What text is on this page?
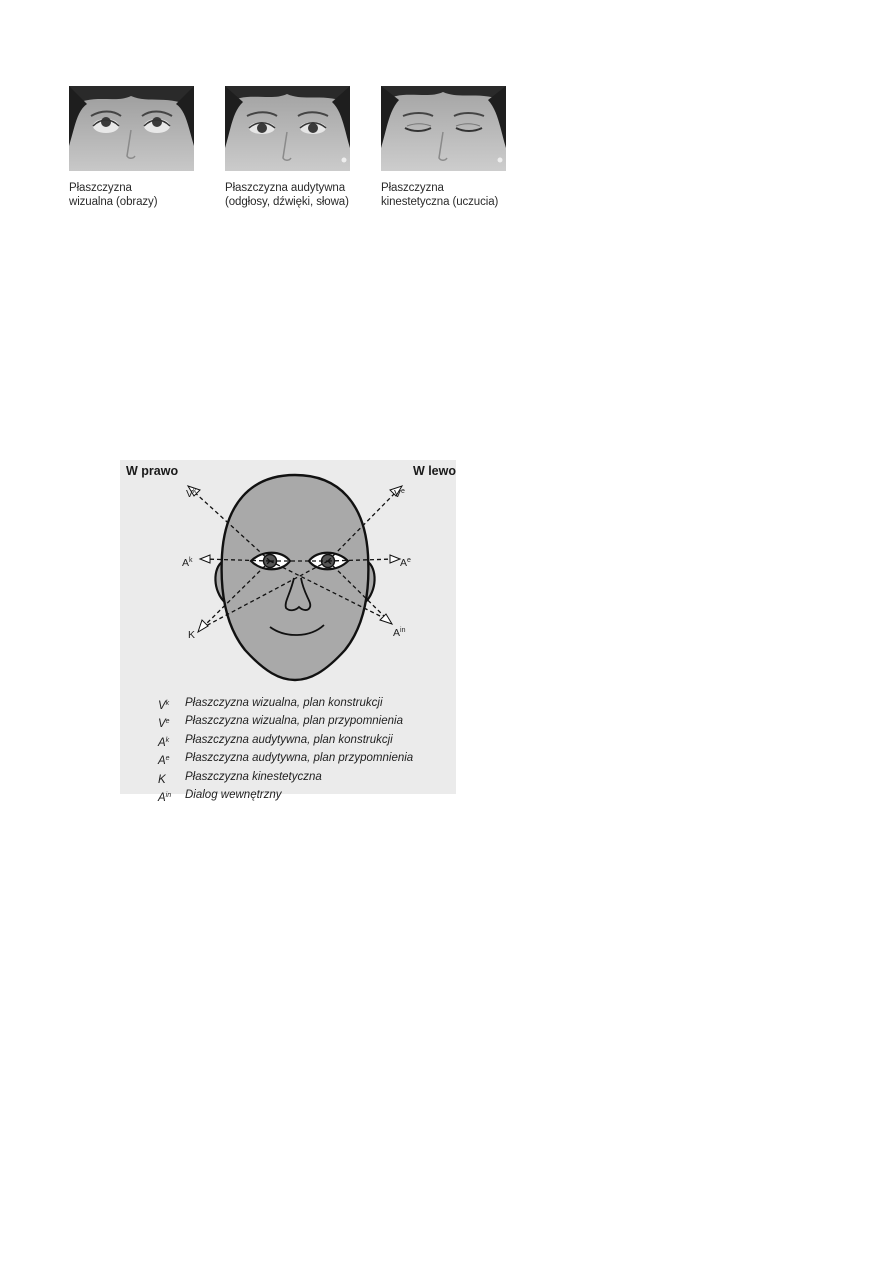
Płaszczyzna
wizualna (obrazy)
Płaszczyzna audytywna
(odgłosy, dźwięki, słowa)
Płaszczyzna
kinestetyczna (uczucia)
W prawo	W lewo
$V^k$	Ve
$A^k$	$A^e$
K	$A^{in}$
$V^k$	Płaszczyzna wizualna, plan konstrukcji
Ve	Płaszczyzna wizualna, plan przypomnienia
$A^k$	Płaszczyzna audytywna, plan konstrukcji
$A^e$	Płaszczyzna audytywna, plan przypomnienia
K	Płaszczyzna kinestetyczna
$A^{in}$	Dialog wewnętrzny
